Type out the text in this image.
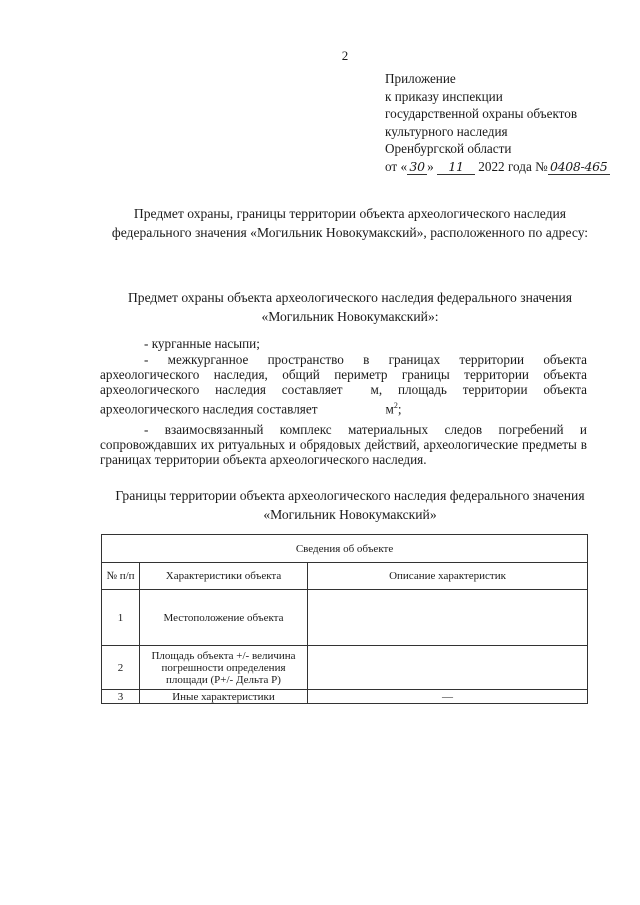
2
Приложение
к приказу инспекции
государственной охраны объектов
культурного наследия
Оренбургской области
от « 30 » 11 2022 года № 0408-465
Предмет охраны, границы территории объекта археологического наследия федерального значения «Могильник Новокумакский», расположенного по адресу:
Предмет охраны объекта археологического наследия федерального значения «Могильник Новокумакский»:
- курганные насыпи;
- межкурганное пространство в границах территории объекта археологического наследия, общий периметр границы территории объекта археологического наследия составляет м, площадь территории объекта археологического наследия составляет	$м^2$;
- взаимосвязанный комплекс материальных следов погребений и сопровождавших их ритуальных и обрядовых действий, археологические предметы в границах территории объекта археологического наследия.
Границы территории объекта археологического наследия федерального значения «Могильник Новокумакский»
Сведения об объекте		
№ п/п	Характеристики объекта	Описание характеристик
1	Местоположение объекта	
2	Площадь объекта +/- величина погрешности определения площади (Р+/- Дельта Р)	
3	Иные характеристики	—
